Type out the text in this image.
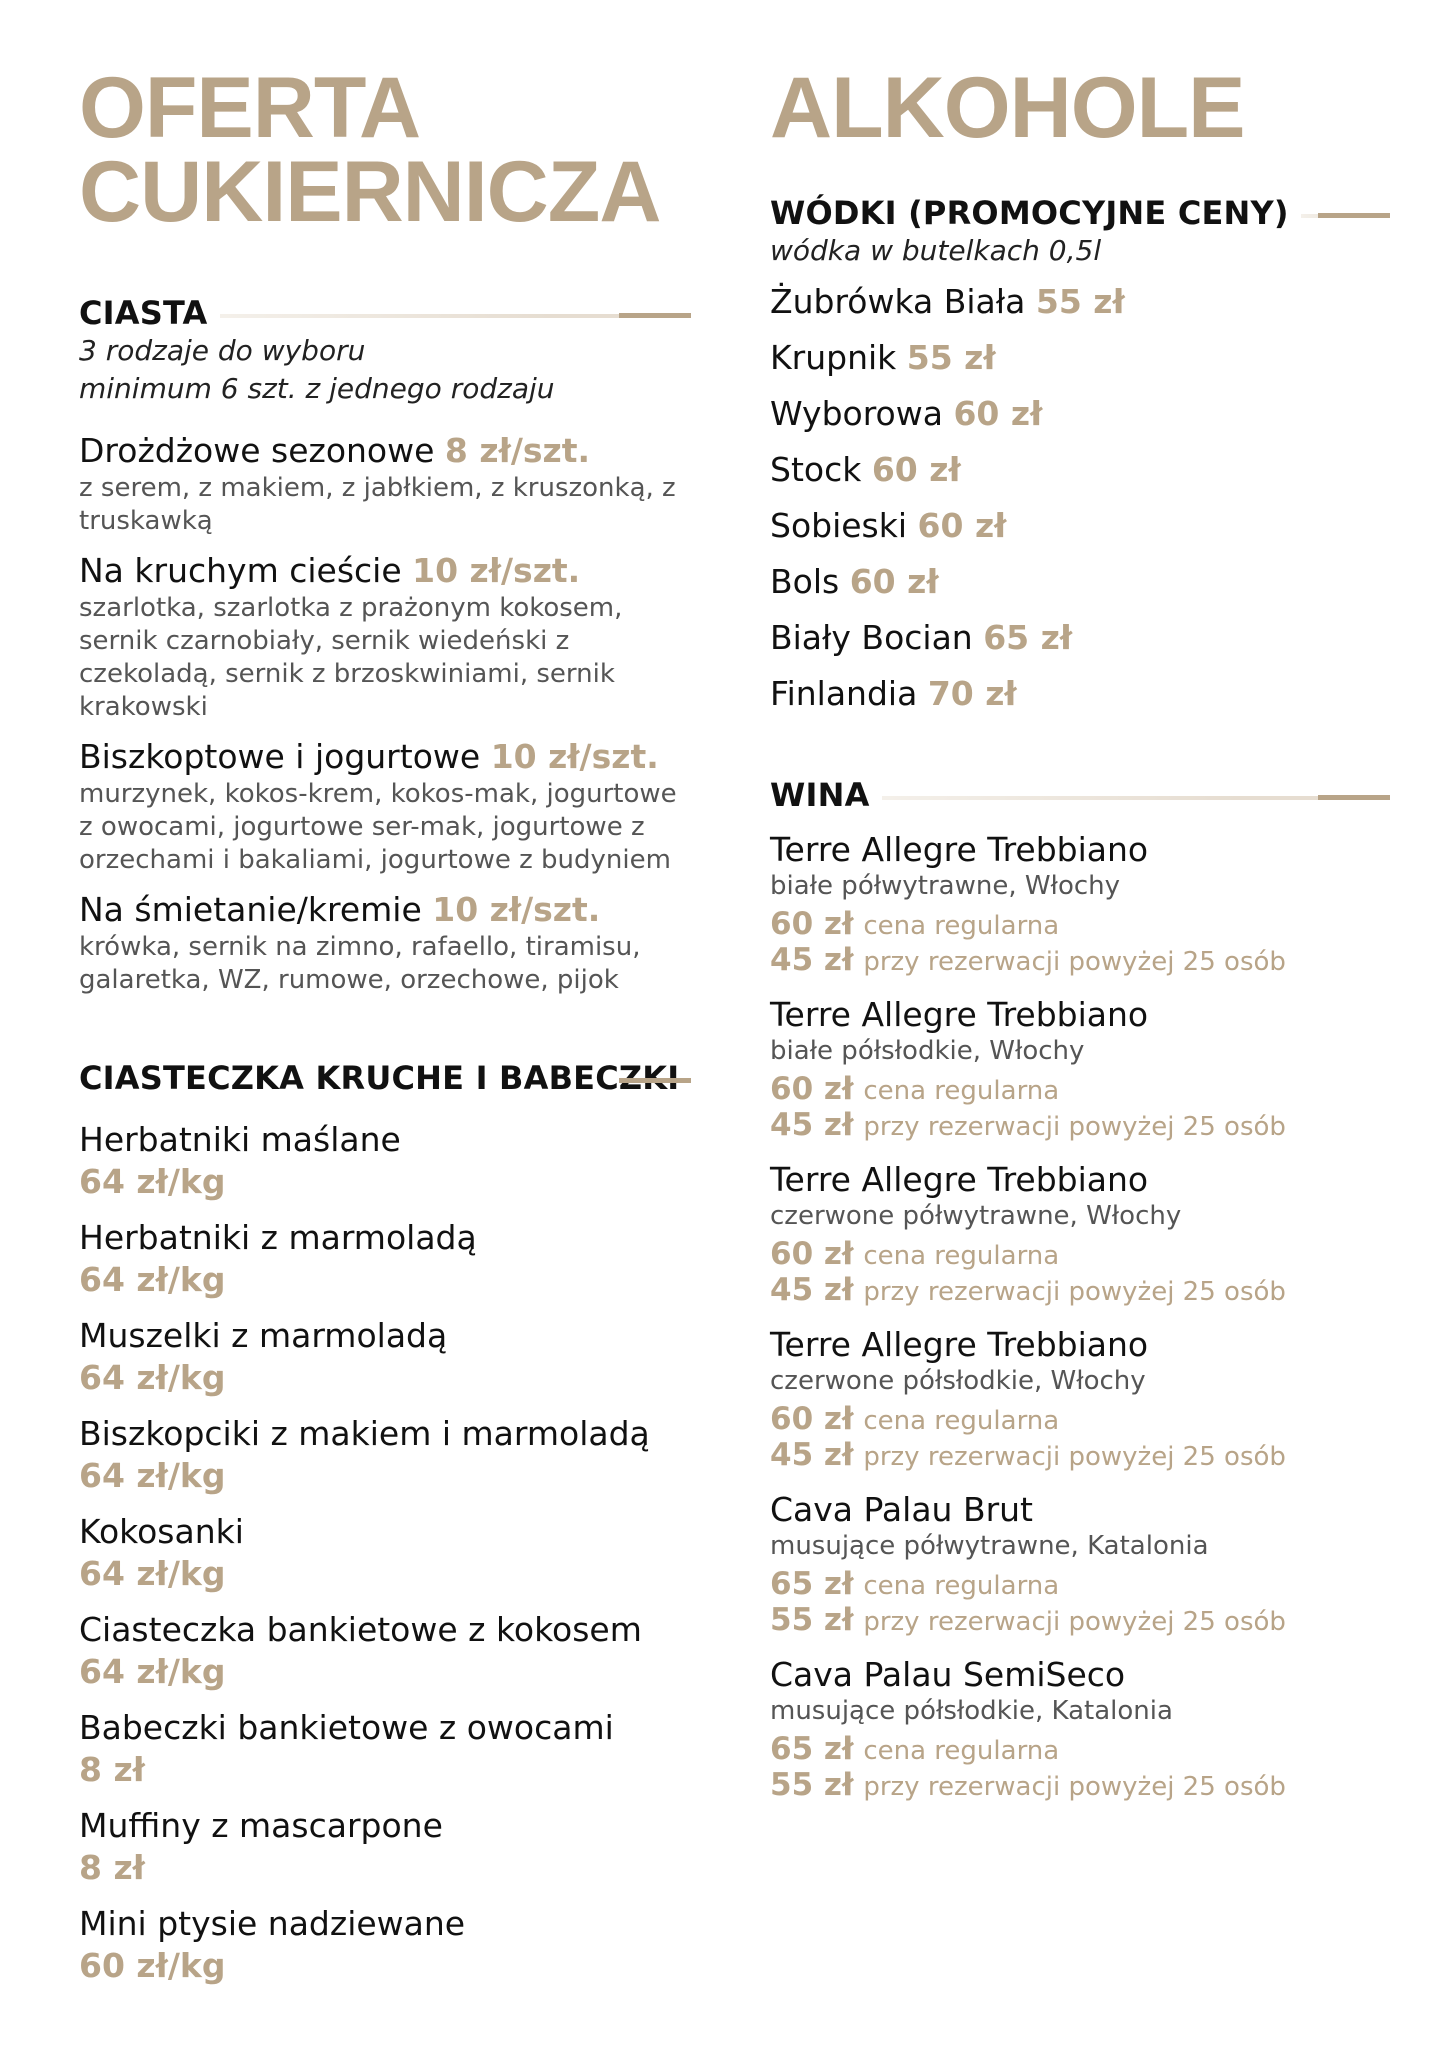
OFERTA
CUKIERNICZA
CIASTA
3 rodzaje do wyboru
minimum 6 szt. z jednego rodzaju
Drożdżowe sezonowe 8 zł/szt.
z serem, z makiem, z jabłkiem, z kruszonką, z truskawką
Na kruchym cieście 10 zł/szt.
szarlotka, szarlotka z prażonym kokosem, sernik czarnobiały, sernik wiedeński z czekoladą, sernik z brzoskwiniami, sernik krakowski
Biszkoptowe i jogurtowe 10 zł/szt.
murzynek, kokos-krem, kokos-mak, jogurtowe z owocami, jogurtowe ser-mak, jogurtowe z orzechami i bakaliami, jogurtowe z budyniem
Na śmietanie/kremie 10 zł/szt.
krówka, sernik na zimno, rafaello, tiramisu, galaretka, WZ, rumowe, orzechowe, pijok
CIASTECZKA KRUCHE I BABECZKI
Herbatniki maślane
64 zł/kg
Herbatniki z marmoladą
64 zł/kg
Muszelki z marmoladą
64 zł/kg
Biszkopciki z makiem i marmoladą
64 zł/kg
Kokosanki
64 zł/kg
Ciasteczka bankietowe z kokosem
64 zł/kg
Babeczki bankietowe z owocami
8 zł
Muffiny z mascarpone
8 zł
Mini ptysie nadziewane
60 zł/kg
ALKOHOLE
WÓDKI (PROMOCYJNE CENY)
wódka w butelkach 0,5l
Żubrówka Biała 55 zł
Krupnik 55 zł
Wyborowa 60 zł
Stock 60 zł
Sobieski 60 zł
Bols 60 zł
Biały Bocian 65 zł
Finlandia 70 zł
WINA
Terre Allegre Trebbiano
białe półwytrawne, Włochy
60 zł cena regularna
45 zł przy rezerwacji powyżej 25 osób
Terre Allegre Trebbiano
białe półsłodkie, Włochy
60 zł cena regularna
45 zł przy rezerwacji powyżej 25 osób
Terre Allegre Trebbiano
czerwone półwytrawne, Włochy
60 zł cena regularna
45 zł przy rezerwacji powyżej 25 osób
Terre Allegre Trebbiano
czerwone półsłodkie, Włochy
60 zł cena regularna
45 zł przy rezerwacji powyżej 25 osób
Cava Palau Brut
musujące półwytrawne, Katalonia
65 zł cena regularna
55 zł przy rezerwacji powyżej 25 osób
Cava Palau SemiSeco
musujące półsłodkie, Katalonia
65 zł cena regularna
55 zł przy rezerwacji powyżej 25 osób
